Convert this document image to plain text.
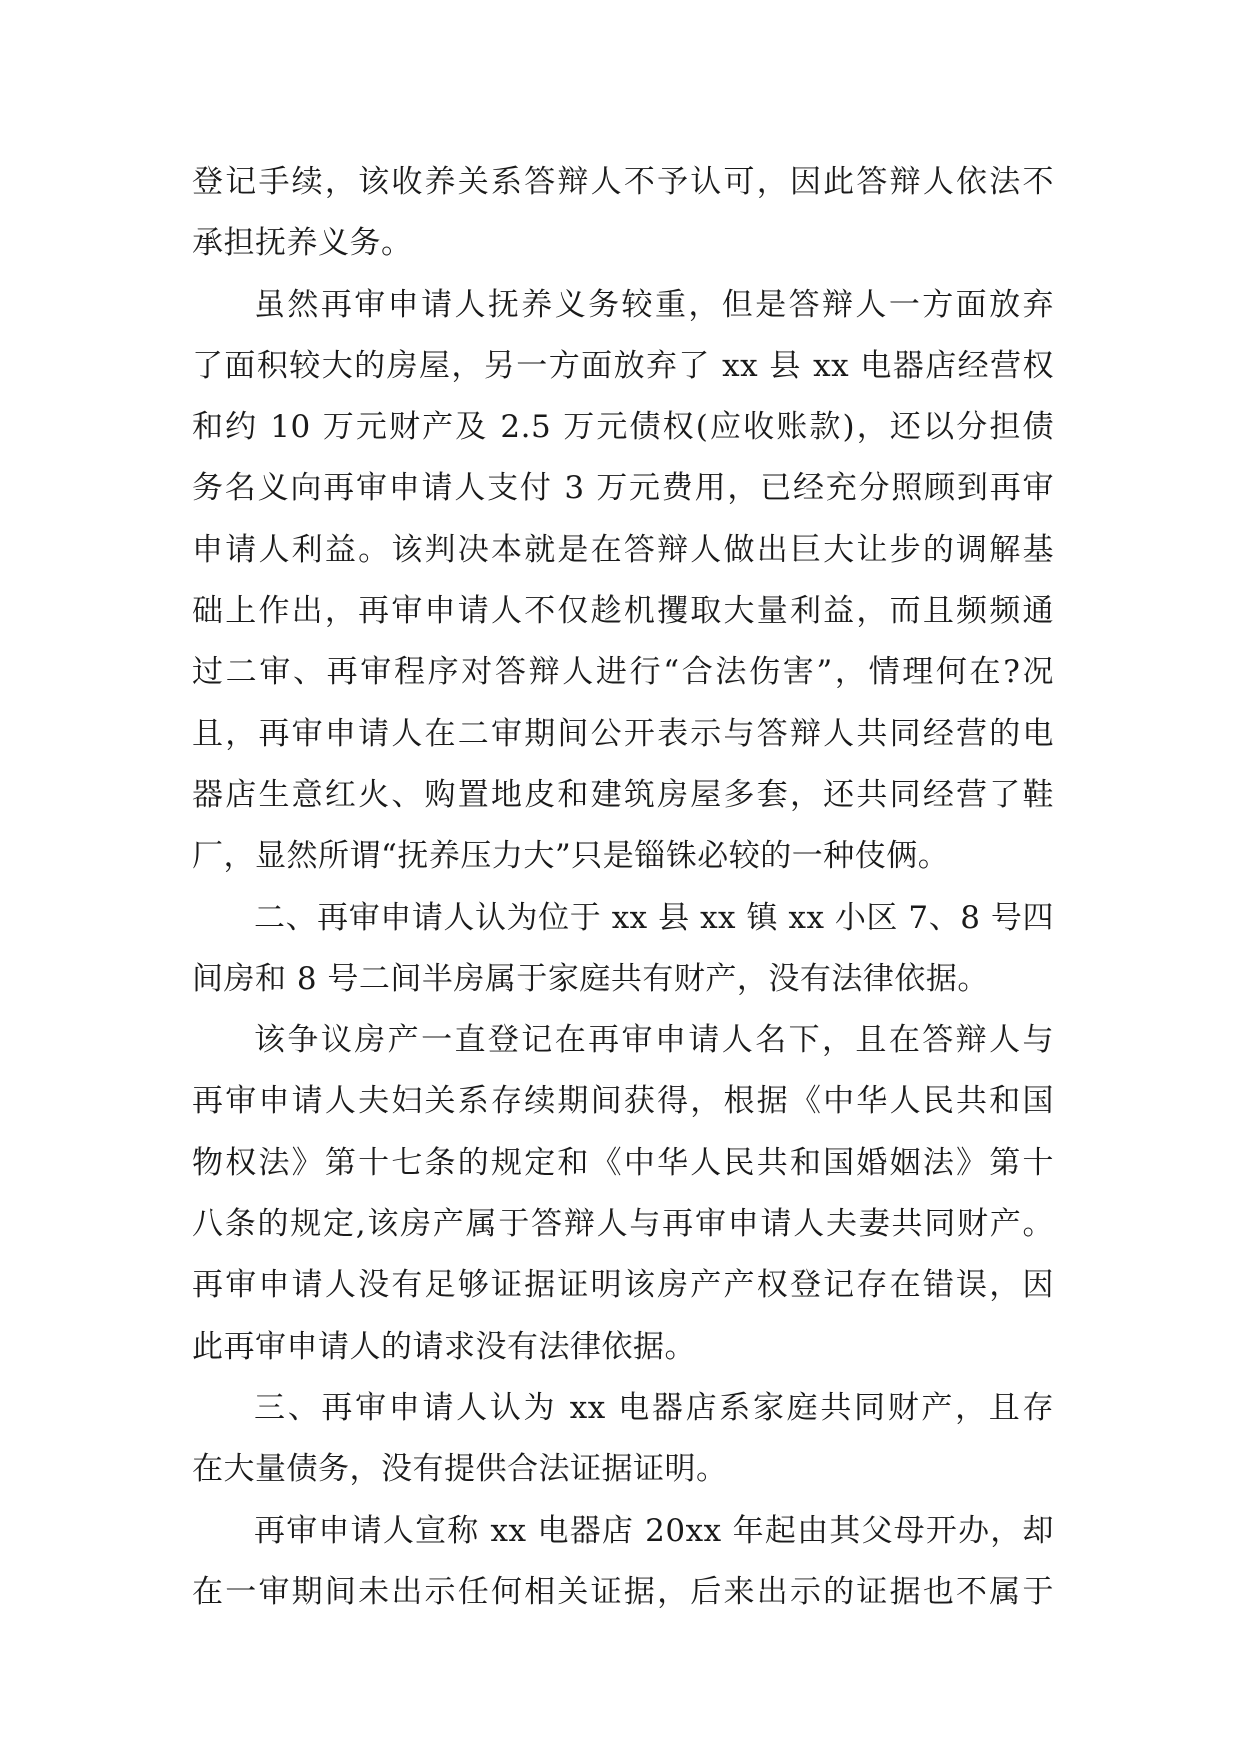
登记手续，该收养关系答辩人不予认可，因此答辩人依法不
承担抚养义务。
虽然再审申请人抚养义务较重，但是答辩人一方面放弃
了面积较大的房屋，另一方面放弃了 xx 县 xx 电器店经营权
和约 10 万元财产及 2.5 万元债权(应收账款)，还以分担债
务名义向再审申请人支付 3 万元费用，已经充分照顾到再审
申请人利益。该判决本就是在答辩人做出巨大让步的调解基
础上作出，再审申请人不仅趁机攫取大量利益，而且频频通
过二审、再审程序对答辩人进行“合法伤害”，情理何在?况
且，再审申请人在二审期间公开表示与答辩人共同经营的电
器店生意红火、购置地皮和建筑房屋多套，还共同经营了鞋
厂，显然所谓“抚养压力大”只是锱铢必较的一种伎俩。
二、再审申请人认为位于 xx 县 xx 镇 xx 小区 7、8 号四
间房和 8 号二间半房属于家庭共有财产，没有法律依据。
该争议房产一直登记在再审申请人名下，且在答辩人与
再审申请人夫妇关系存续期间获得，根据《中华人民共和国
物权法》第十七条的规定和《中华人民共和国婚姻法》第十
八条的规定,该房产属于答辩人与再审申请人夫妻共同财产。
再审申请人没有足够证据证明该房产产权登记存在错误，因
此再审申请人的请求没有法律依据。
三、再审申请人认为 xx 电器店系家庭共同财产，且存
在大量债务，没有提供合法证据证明。
再审申请人宣称 xx 电器店 20xx 年起由其父母开办，却
在一审期间未出示任何相关证据，后来出示的证据也不属于
